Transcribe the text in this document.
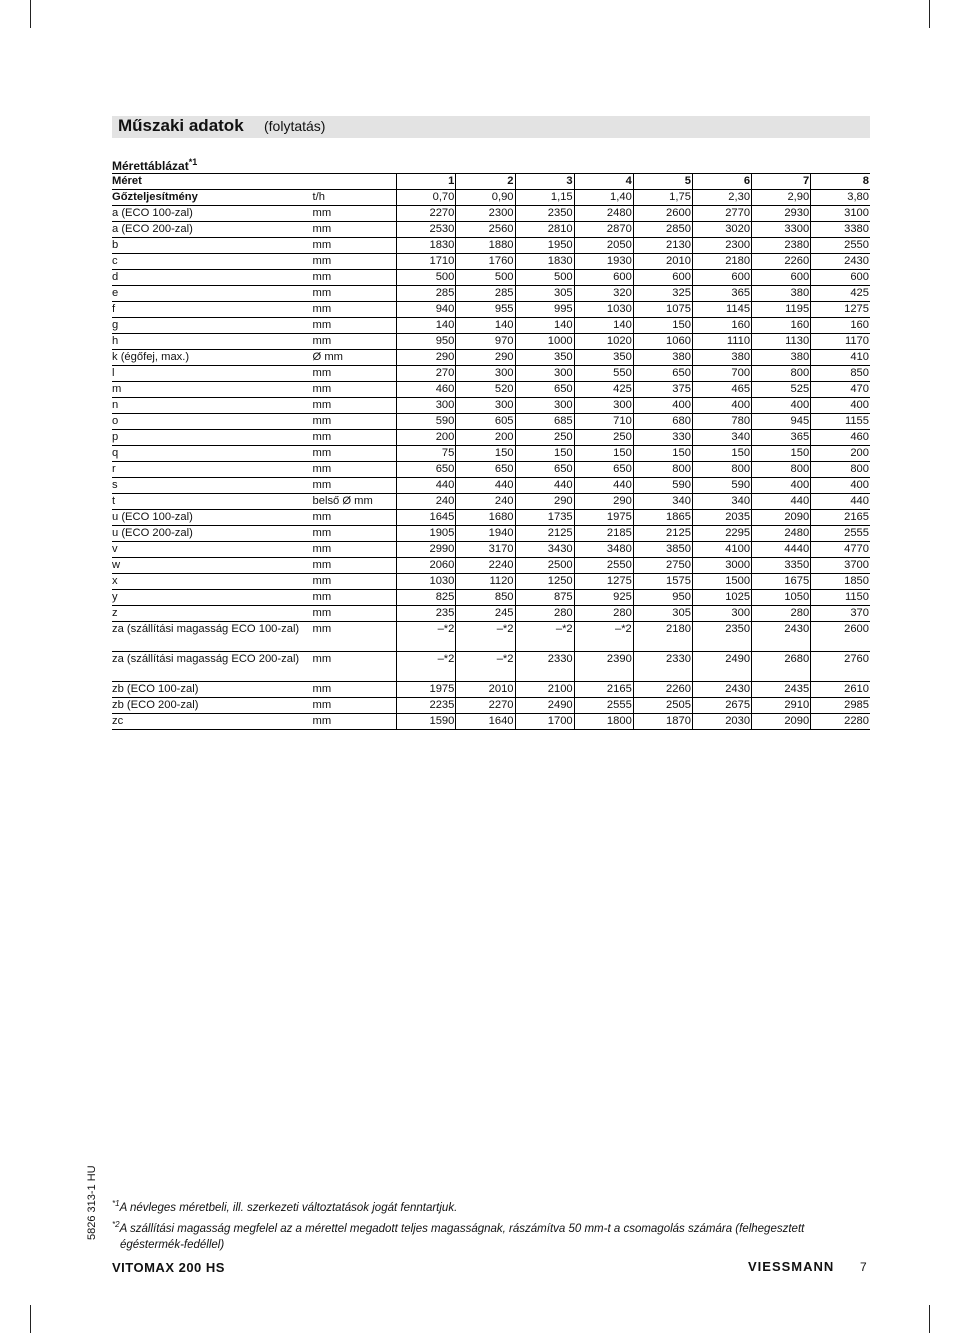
Műszaki adatok (folytatás)
Mérettáblázat$^{*1}$
Méret		1	2	3	4	5	6	7	8
Gőzteljesítmény	t/h	0,70	0,90	1,15	1,40	1,75	2,30	2,90	3,80
a (ECO 100-zal)	mm	2270	2300	2350	2480	2600	2770	2930	3100
a (ECO 200-zal)	mm	2530	2560	2810	2870	2850	3020	3300	3380
b	mm	1830	1880	1950	2050	2130	2300	2380	2550
c	mm	1710	1760	1830	1930	2010	2180	2260	2430
d	mm	500	500	500	600	600	600	600	600
e	mm	285	285	305	320	325	365	380	425
f	mm	940	955	995	1030	1075	1145	1195	1275
g	mm	140	140	140	140	150	160	160	160
h	mm	950	970	1000	1020	1060	1110	1130	1170
k (égőfej, max.)	Ø mm	290	290	350	350	380	380	380	410
l	mm	270	300	300	550	650	700	800	850
m	mm	460	520	650	425	375	465	525	470
n	mm	300	300	300	300	400	400	400	400
o	mm	590	605	685	710	680	780	945	1155
p	mm	200	200	250	250	330	340	365	460
q	mm	75	150	150	150	150	150	150	200
r	mm	650	650	650	650	800	800	800	800
s	mm	440	440	440	440	590	590	400	400
t	belső Ø mm	240	240	290	290	340	340	440	440
u (ECO 100-zal)	mm	1645	1680	1735	1975	1865	2035	2090	2165
u (ECO 200-zal)	mm	1905	1940	2125	2185	2125	2295	2480	2555
v	mm	2990	3170	3430	3480	3850	4100	4440	4770
w	mm	2060	2240	2500	2550	2750	3000	3350	3700
x	mm	1030	1120	1250	1275	1575	1500	1675	1850
y	mm	825	850	875	925	950	1025	1050	1150
z	mm	235	245	280	280	305	300	280	370
za (szállítási magasság ECO 100-zal)	mm	–*2	–*2	–*2	–*2	2180	2350	2430	2600
za (szállítási magasság ECO 200-zal)	mm	–*2	–*2	2330	2390	2330	2490	2680	2760
zb (ECO 100-zal)	mm	1975	2010	2100	2165	2260	2430	2435	2610
zb (ECO 200-zal)	mm	2235	2270	2490	2555	2505	2675	2910	2985
zc	mm	1590	1640	1700	1800	1870	2030	2090	2280
5826 313-1 HU	$^{*1}$A névleges méretbeli, ill. szerkezeti változtatások jogát fenntartjuk.

$^{*2}$A szállítási magasság megfelel az a mérettel megadott teljes magasságnak, rászámítva 50 mm-t a csomagolás számára (felhegesztett
égéstermék-fedéllel)

VITOMAX 200 HS	VIESSMANN 7
